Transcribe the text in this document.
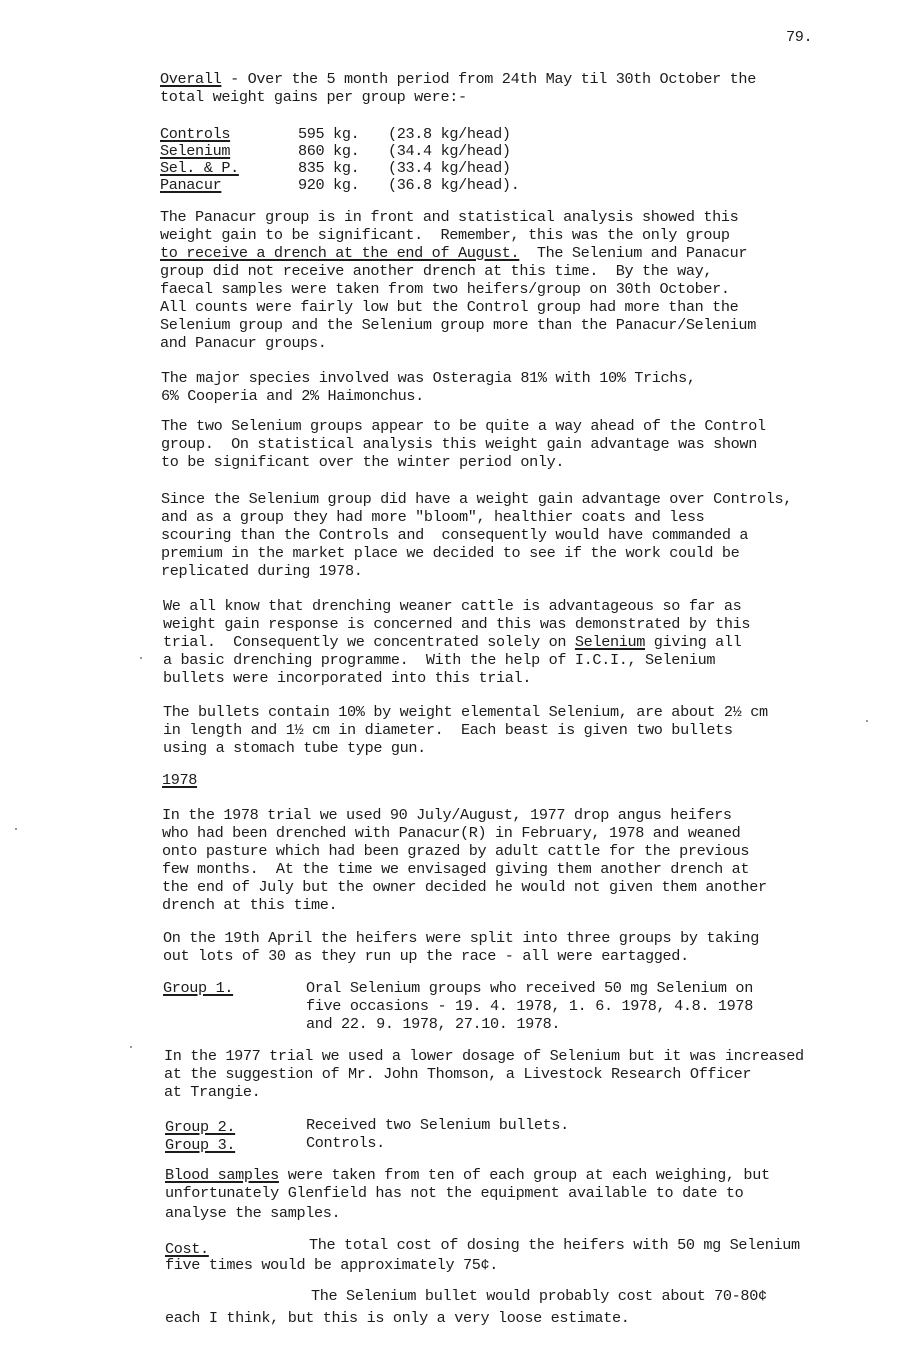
79.
Overall - Over the 5 month period from 24th May til 30th October the
total weight gains per group were:-
Controls	595 kg. (23.8 kg/head)
Selenium	860 kg. (34.4 kg/head)
Sel. & P.	835 kg. (33.4 kg/head)
Panacur	920 kg. (36.8 kg/head).
The Panacur group is in front and statistical analysis showed this
weight gain to be significant.  Remember, this was the only group
to receive a drench at the end of August.  The Selenium and Panacur
group did not receive another drench at this time.  By the way,
faecal samples were taken from two heifers/group on 30th October.
All counts were fairly low but the Control group had more than the
Selenium group and the Selenium group more than the Panacur/Selenium
and Panacur groups.
The major species involved was Osteragia 81% with 10% Trichs,
6% Cooperia and 2% Haimonchus.
The two Selenium groups appear to be quite a way ahead of the Control
group.  On statistical analysis this weight gain advantage was shown
to be significant over the winter period only.
Since the Selenium group did have a weight gain advantage over Controls,
and as a group they had more "bloom", healthier coats and less
scouring than the Controls and  consequently would have commanded a
premium in the market place we decided to see if the work could be
replicated during 1978.
We all know that drenching weaner cattle is advantageous so far as
weight gain response is concerned and this was demonstrated by this
trial.  Consequently we concentrated solely on Selenium giving all
a basic drenching programme.  With the help of I.C.I., Selenium
bullets were incorporated into this trial.
The bullets contain 10% by weight elemental Selenium, are about 2½ cm
in length and 1½ cm in diameter.  Each beast is given two bullets
using a stomach tube type gun.
1978
In the 1978 trial we used 90 July/August, 1977 drop angus heifers
who had been drenched with Panacur(R) in February, 1978 and weaned
onto pasture which had been grazed by adult cattle for the previous
few months.  At the time we envisaged giving them another drench at
the end of July but the owner decided he would not given them another
drench at this time.
On the 19th April the heifers were split into three groups by taking
out lots of 30 as they run up the race - all were eartagged.
Group 1.	Oral Selenium groups who received 50 mg Selenium on
five occasions - 19. 4. 1978, 1. 6. 1978, 4.8. 1978
and 22. 9. 1978, 27.10. 1978.
In the 1977 trial we used a lower dosage of Selenium but it was increased
at the suggestion of Mr. John Thomson, a Livestock Research Officer
at Trangie.
Group 2.	Received two Selenium bullets.
Group 3.	Controls.
Blood samples were taken from ten of each group at each weighing, but
unfortunately Glenfield has not the equipment available to date to
analyse the samples.
Cost.	The total cost of dosing the heifers with 50 mg Selenium
five times would be approximately 75¢.
The Selenium bullet would probably cost about 70-80¢
each I think, but this is only a very loose estimate.
